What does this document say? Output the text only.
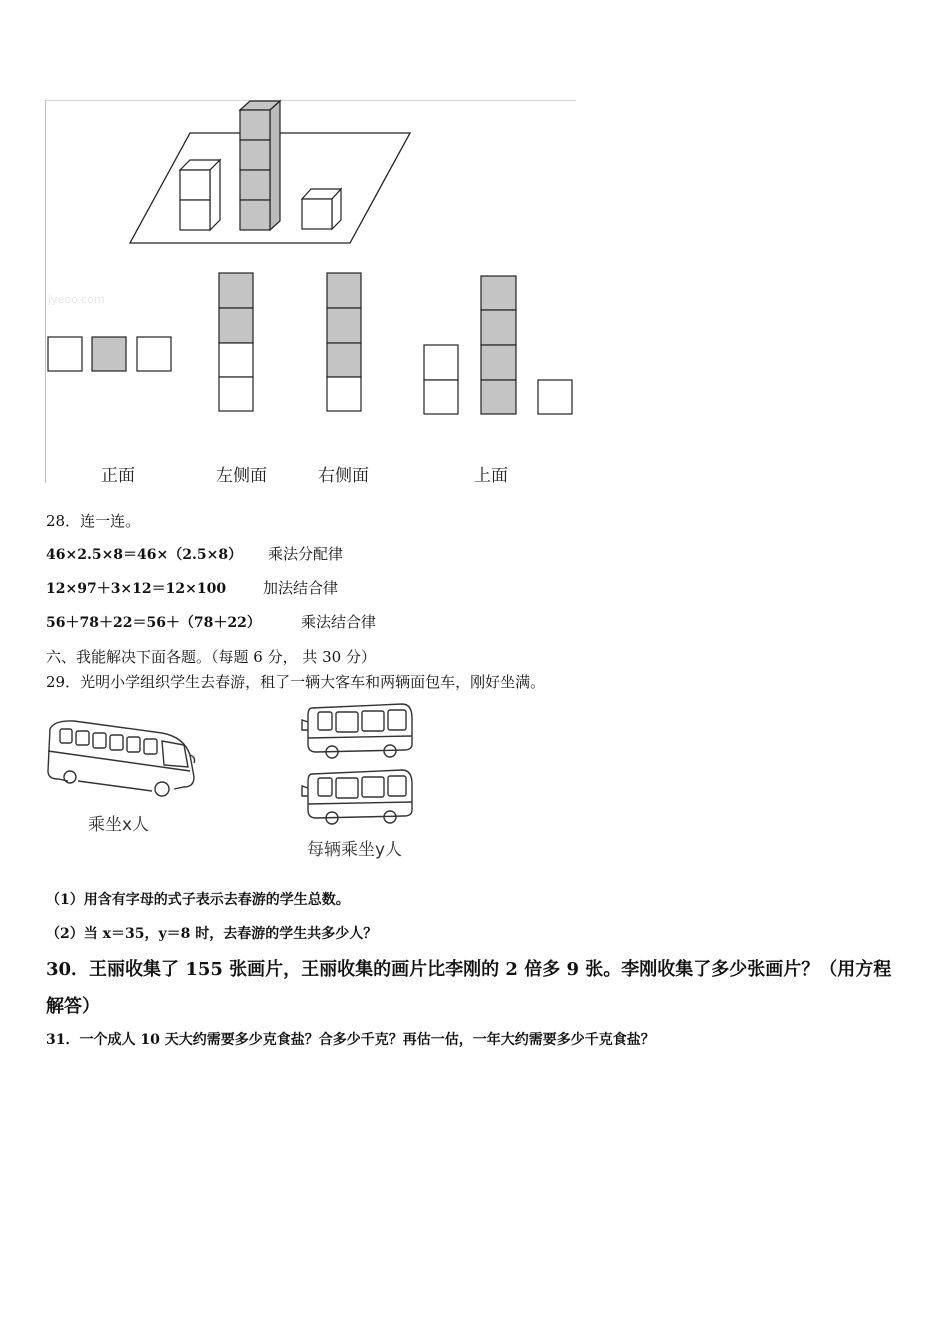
jyeoo.com
正面	左侧面	右侧面	上面
28．连一连。
46×2.5×8＝46×（2.5×8） 乘法分配律
12×97＋3×12＝12×100 加法结合律
56＋78＋22＝56＋（78＋22）	乘法结合律
六、我能解决下面各题。（每题 6 分， 共 30 分）
29．光明小学组织学生去春游，租了一辆大客车和两辆面包车，刚好坐满。
乘坐x人
每辆乘坐y人
（1）用含有字母的式子表示去春游的学生总数。
（2）当 x＝35，y＝8 时，去春游的学生共多少人？
30．王丽收集了 155 张画片，王丽收集的画片比李刚的 2 倍多 9 张。李刚收集了多少张画片？（用方程
解答）
31．一个成人 10 天大约需要多少克食盐？合多少千克？再估一估，一年大约需要多少千克食盐？
